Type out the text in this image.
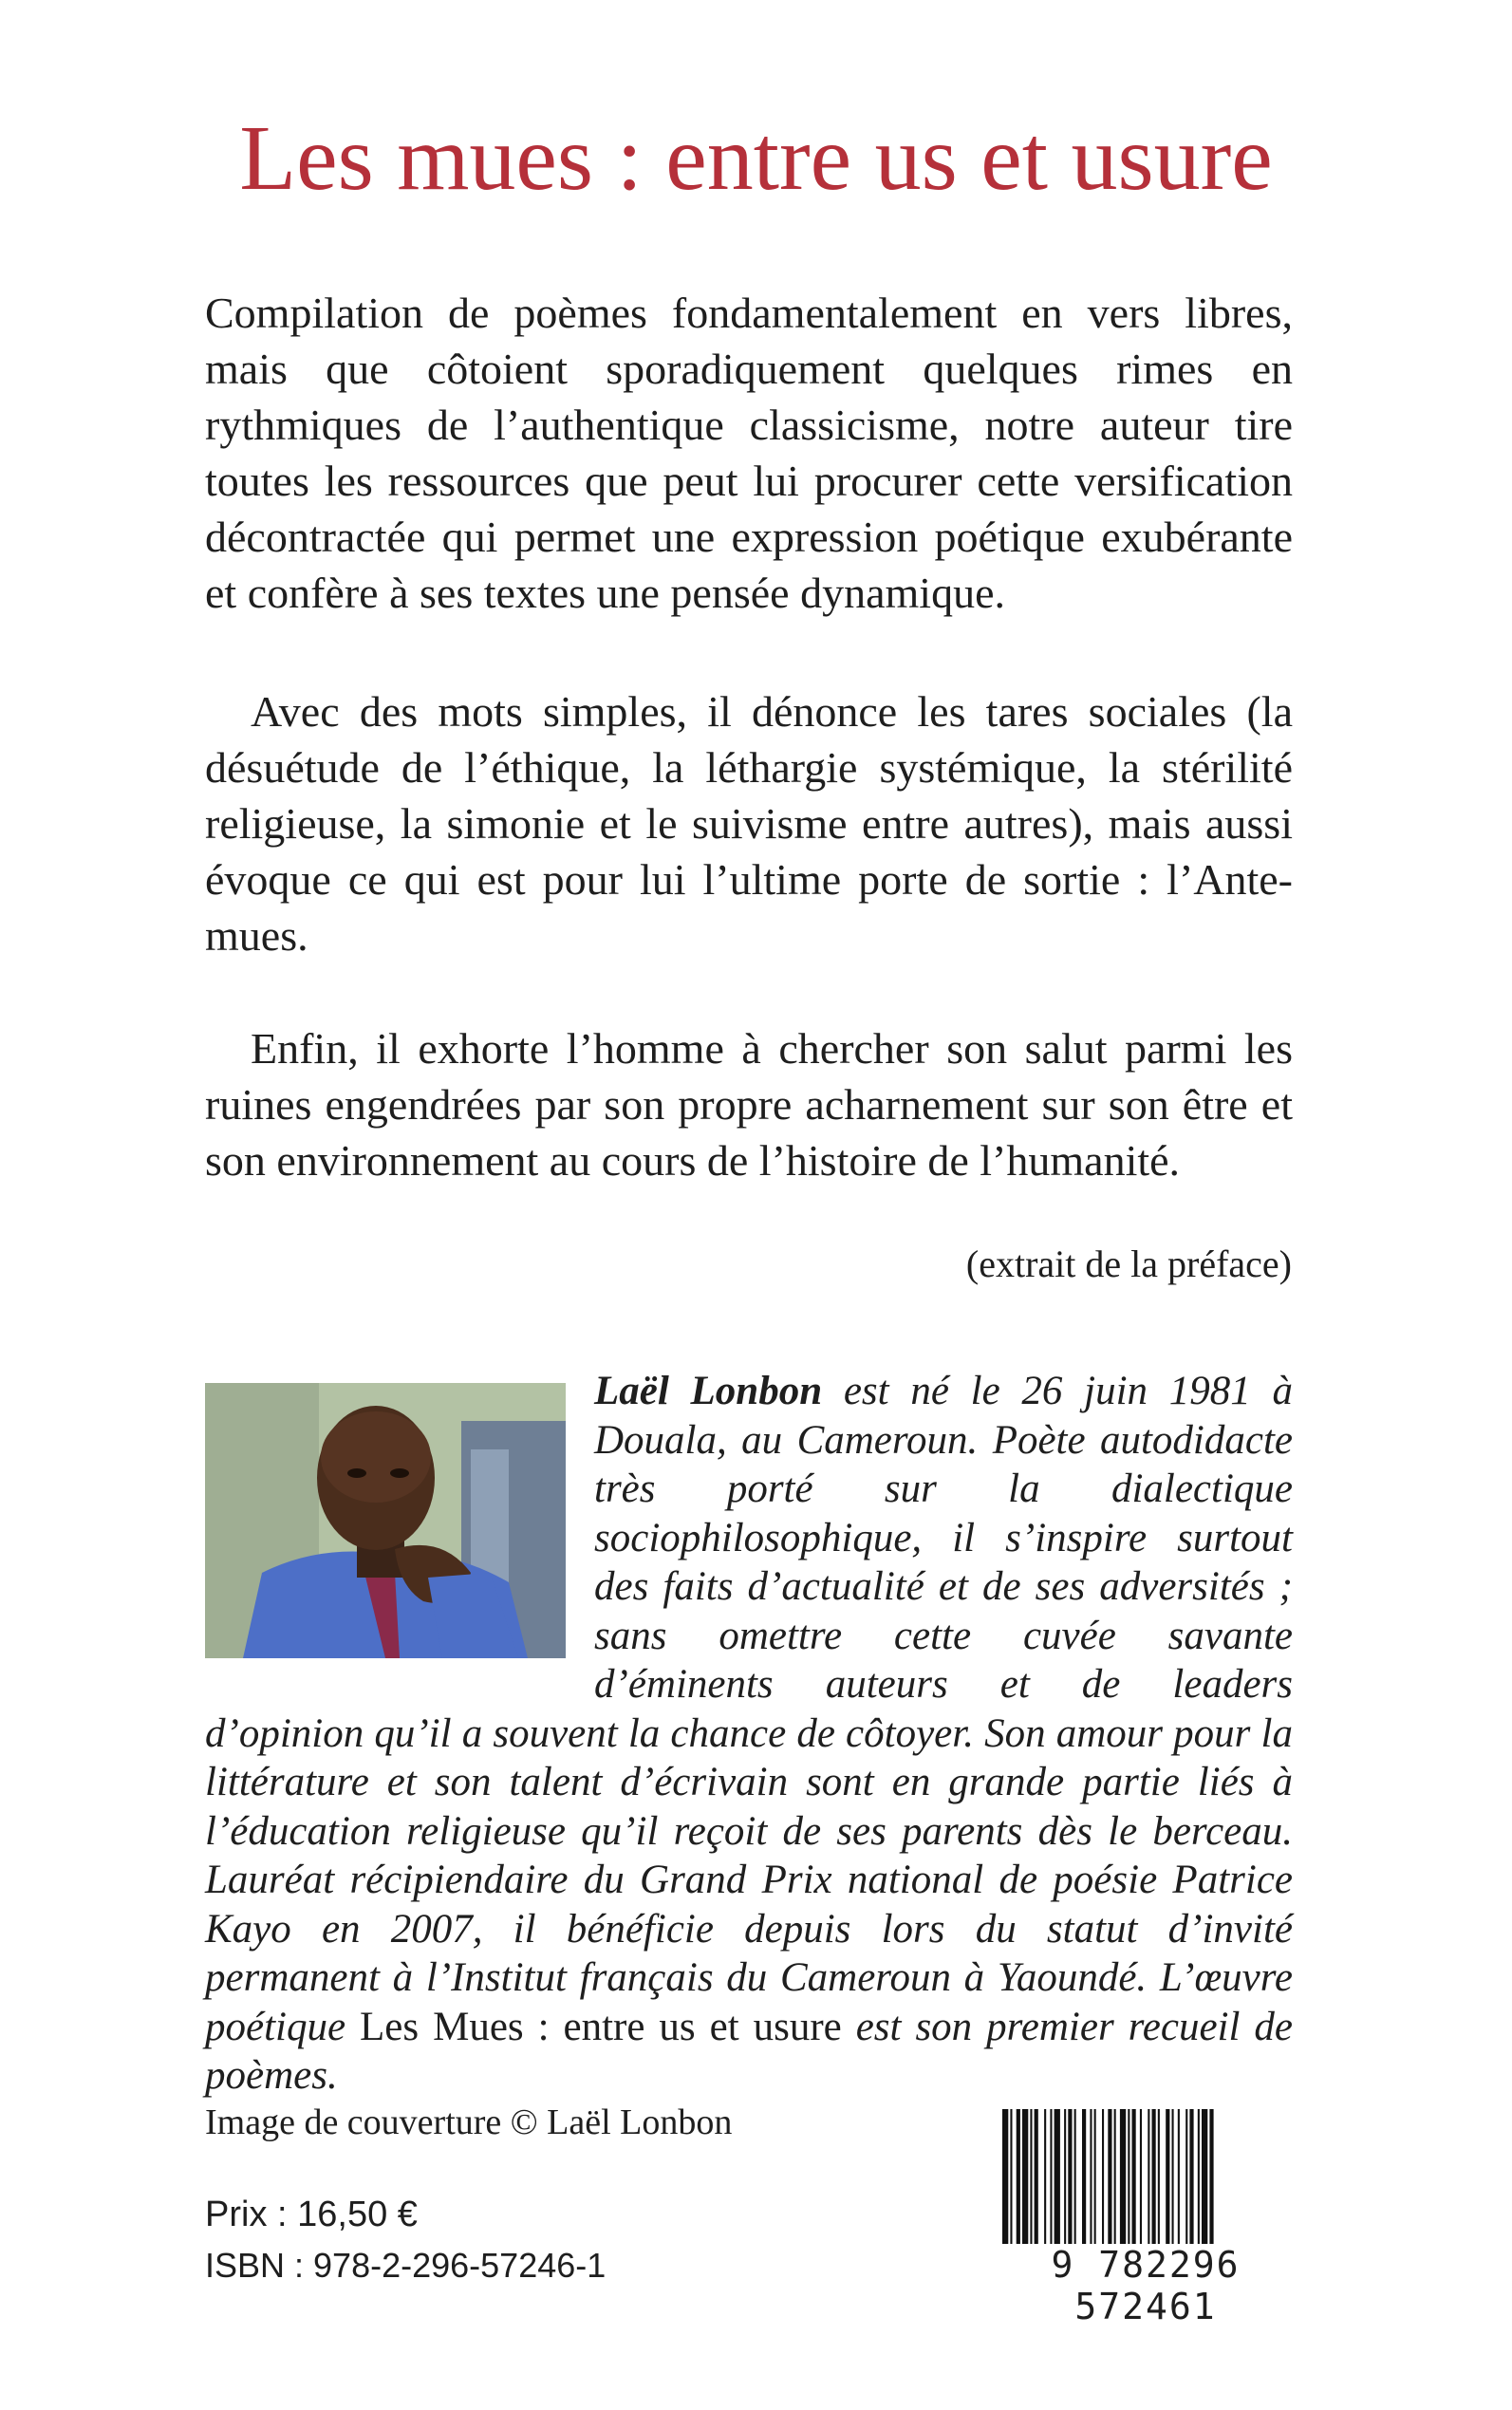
Les mues : entre us et usure

Compilation de poèmes fondamentalement en vers libres, mais que côtoient sporadiquement quelques rimes en rythmiques de l’authentique classicisme, notre auteur tire toutes les ressources que peut lui procurer cette versification décontractée qui permet une expression poétique exubérante et confère à ses textes une pensée dynamique.

Avec des mots simples, il dénonce les tares sociales (la désuétude de l’éthique, la léthargie systémique, la stérilité religieuse, la simonie et le suivisme entre autres), mais aussi évoque ce qui est pour lui l’ultime porte de sortie : l’Ante-mues.

Enfin, il exhorte l’homme à chercher son salut parmi les ruines engendrées par son propre acharnement sur son être et son environnement au cours de l’histoire de l’humanité.

(extrait de la préface)

Laël Lonbon est né le 26 juin 1981 à Douala, au Cameroun. Poète autodidacte très porté sur la dialectique sociophilosophique, il s’inspire surtout des faits d’actualité et de ses adversités ; sans omettre cette cuvée savante d’éminents auteurs et de leaders d’opinion qu’il a souvent la chance de côtoyer. Son amour pour la littérature et son talent d’écrivain sont en grande partie liés à l’éducation religieuse qu’il reçoit de ses parents dès le berceau. Lauréat récipiendaire du Grand Prix national de poésie Patrice Kayo en 2007, il bénéficie depuis lors du statut d’invité permanent à l’Institut français du Cameroun à Yaoundé. L’œuvre poétique Les Mues : entre us et usure est son premier recueil de poèmes.

Image de couverture © Laël Lonbon

Prix : 16,50 €

ISBN : 978-2-296-57246-1	9 782296 572461
